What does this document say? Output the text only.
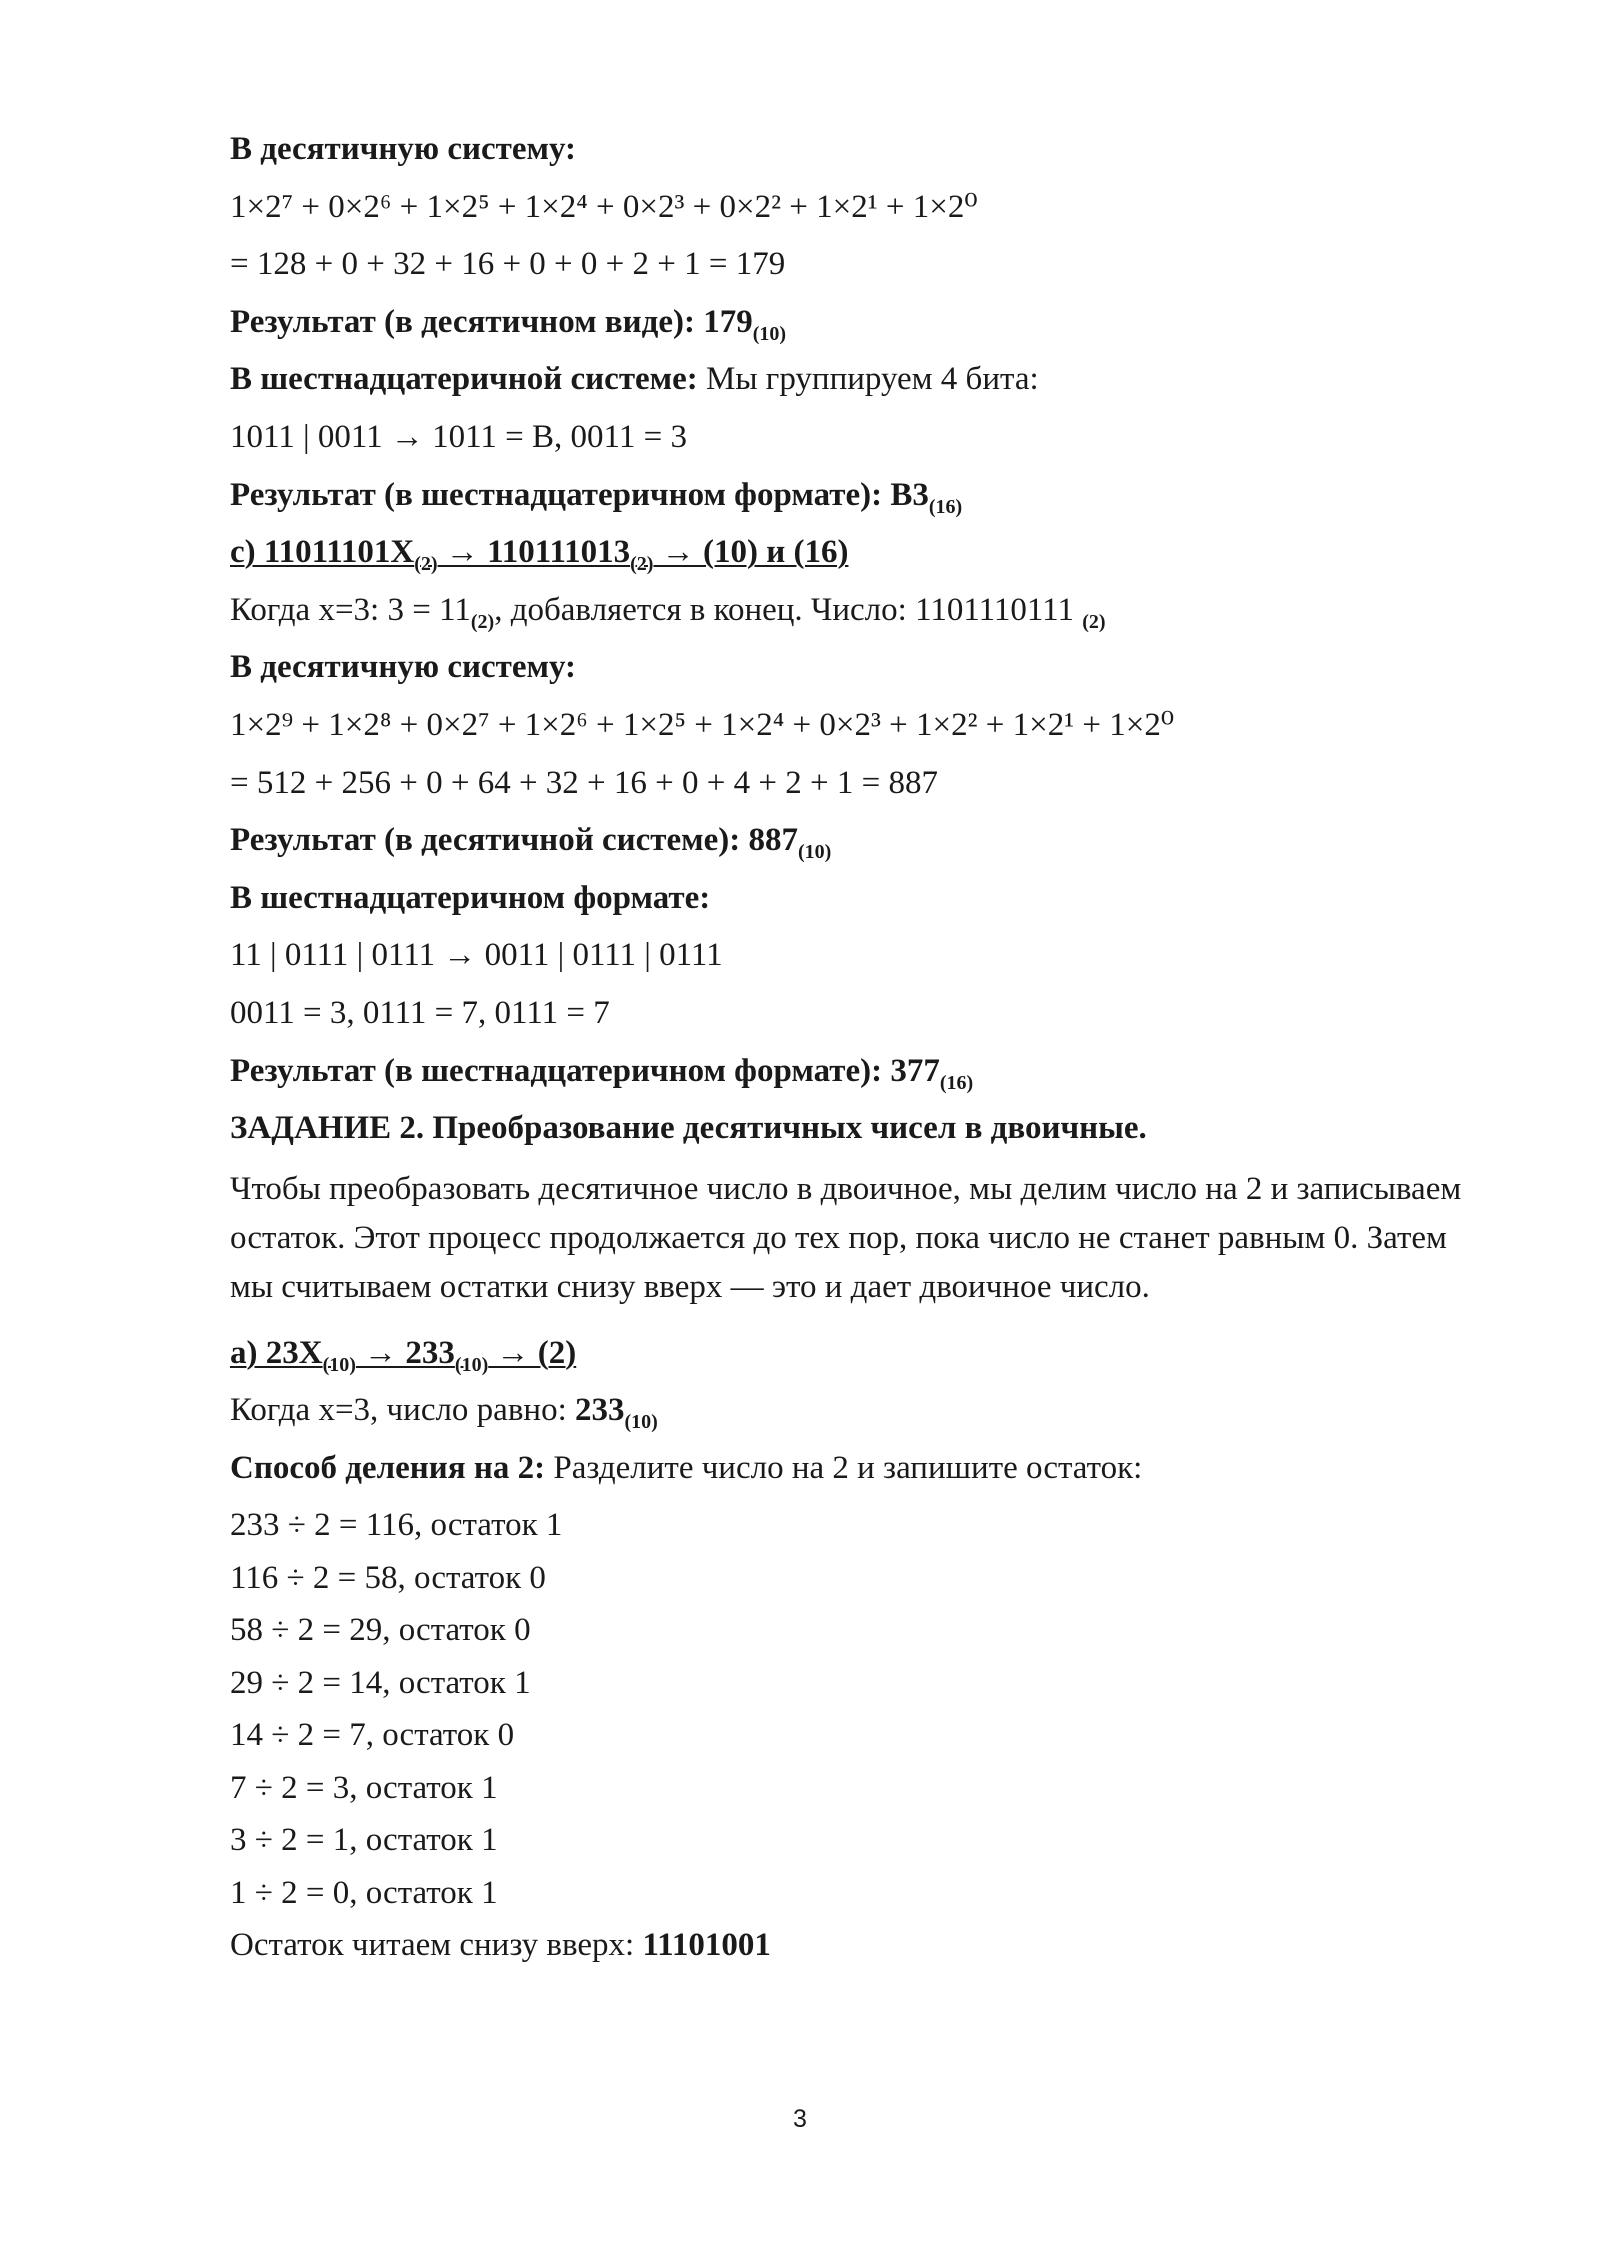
В десятичную систему:
1×2⁷ + 0×2⁶ + 1×2⁵ + 1×2⁴ + 0×2³ + 0×2² + 1×2¹ + 1×2⁰
= 128 + 0 + 32 + 16 + 0 + 0 + 2 + 1 = 179
Результат (в десятичном виде): $179_{(10)}$
В шестнадцатеричной системе: Мы группируем 4 бита:
1011 | 0011 → 1011 = B, 0011 = 3
Результат (в шестнадцатеричном формате): $B3_{(16)}$
c) $11011101X_{(2)} \to 110111013_{(2)} \to (10)$ и (16)
Когда x=3: $3 = 11_{(2)}$, добавляется в конец. Число: 1101110111 $_{(2)}$
В десятичную систему:
1×2⁹ + 1×2⁸ + 0×2⁷ + 1×2⁶ + 1×2⁵ + 1×2⁴ + 0×2³ + 1×2² + 1×2¹ + 1×2⁰
= 512 + 256 + 0 + 64 + 32 + 16 + 0 + 4 + 2 + 1 = 887
Результат (в десятичной системе): $887_{(10)}$
В шестнадцатеричном формате:
11 | 0111 | 0111 → 0011 | 0111 | 0111
0011 = 3, 0111 = 7, 0111 = 7
Результат (в шестнадцатеричном формате): $377_{(16)}$
ЗАДАНИЕ 2. Преобразование десятичных чисел в двоичные.
Чтобы преобразовать десятичное число в двоичное, мы делим число на 2 и записываем остаток. Этот процесс продолжается до тех пор, пока число не станет равным 0. Затем мы считываем остатки снизу вверх — это и дает двоичное число.
а) $23X_{(10)} \to 233_{(10)} \to (2)$
Когда x=3, число равно: $233_{(10)}$
Способ деления на 2: Разделите число на 2 и запишите остаток:
233 ÷ 2 = 116, остаток 1
116 ÷ 2 = 58, остаток 0
58 ÷ 2 = 29, остаток 0
29 ÷ 2 = 14, остаток 1
14 ÷ 2 = 7, остаток 0
7 ÷ 2 = 3, остаток 1
3 ÷ 2 = 1, остаток 1
1 ÷ 2 = 0, остаток 1
Остаток читаем снизу вверх: 11101001
3
